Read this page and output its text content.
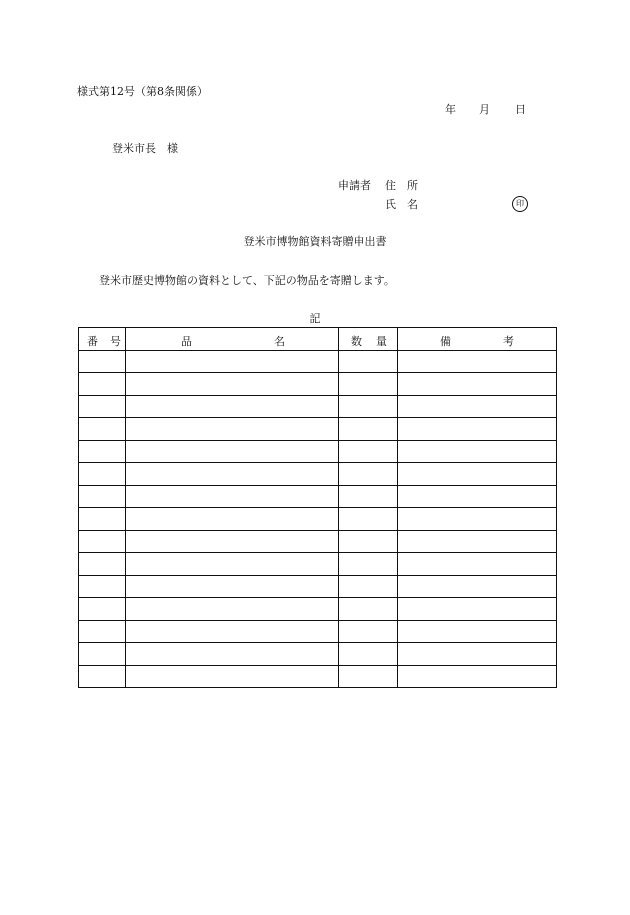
様式第12号（第8条関係）
年 月 日
登米市長　様
申請者 住　所
氏　名	印
登米市博物館資料寄贈申出書
登米市歴史博物館の資料として、下記の物品を寄贈します。
記
番 号	品 名	数 量	備 考
